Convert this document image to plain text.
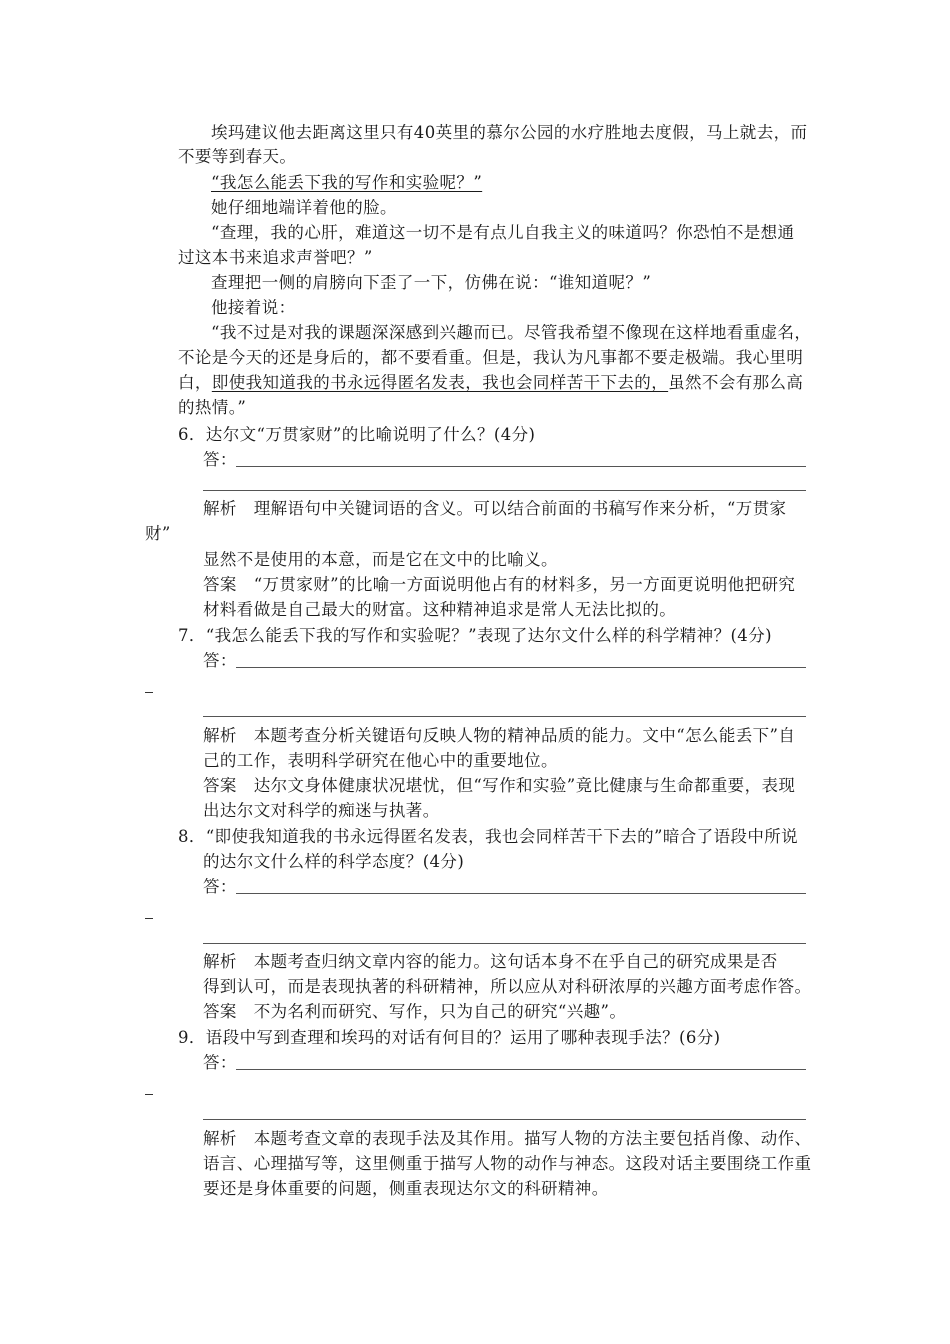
埃玛建议他去距离这里只有40英里的慕尔公园的水疗胜地去度假，马上就去，而
不要等到春天。
“我怎么能丢下我的写作和实验呢？”
她仔细地端详着他的脸。
“查理，我的心肝，难道这一切不是有点儿自我主义的味道吗？你恐怕不是想通
过这本书来追求声誉吧？”
查理把一侧的肩膀向下歪了一下，仿佛在说：“谁知道呢？”
他接着说：
“我不过是对我的课题深深感到兴趣而已。尽管我希望不像现在这样地看重虚名，
不论是今天的还是身后的，都不要看重。但是，我认为凡事都不要走极端。我心里明
白，即使我知道我的书永远得匿名发表，我也会同样苦干下去的，虽然不会有那么高
的热情。”
6．达尔文“万贯家财”的比喻说明了什么？(4分)
答：
解析　理解语句中关键词语的含义。可以结合前面的书稿写作来分析，“万贯家
财”
显然不是使用的本意，而是它在文中的比喻义。
答案　“万贯家财”的比喻一方面说明他占有的材料多，另一方面更说明他把研究
材料看做是自己最大的财富。这种精神追求是常人无法比拟的。
7．“我怎么能丢下我的写作和实验呢？”表现了达尔文什么样的科学精神？(4分)
答：
解析　本题考查分析关键语句反映人物的精神品质的能力。文中“怎么能丢下”自
己的工作，表明科学研究在他心中的重要地位。
答案　达尔文身体健康状况堪忧，但“写作和实验”竟比健康与生命都重要，表现
出达尔文对科学的痴迷与执著。
8．“即使我知道我的书永远得匿名发表，我也会同样苦干下去的”暗合了语段中所说
的达尔文什么样的科学态度？(4分)
答：
解析　本题考查归纳文章内容的能力。这句话本身不在乎自己的研究成果是否
得到认可，而是表现执著的科研精神，所以应从对科研浓厚的兴趣方面考虑作答。
答案　不为名利而研究、写作，只为自己的研究“兴趣”。
9．语段中写到查理和埃玛的对话有何目的？运用了哪种表现手法？(6分)
答：
解析　本题考查文章的表现手法及其作用。描写人物的方法主要包括肖像、动作、
语言、心理描写等，这里侧重于描写人物的动作与神态。这段对话主要围绕工作重
要还是身体重要的问题，侧重表现达尔文的科研精神。
